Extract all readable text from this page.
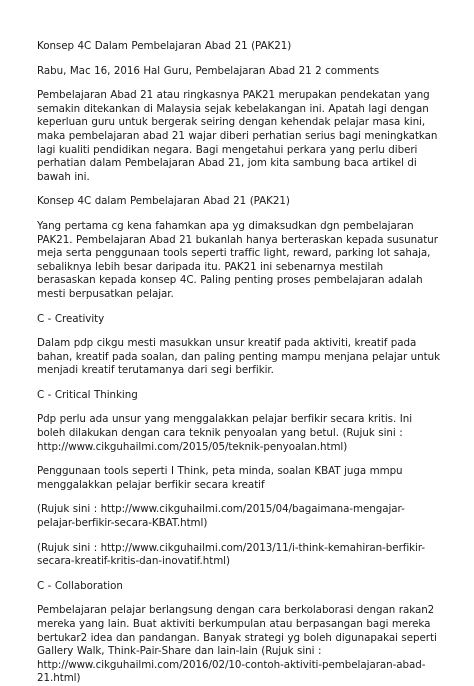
Konsep 4C Dalam Pembelajaran Abad 21 (PAK21)

Rabu, Mac 16, 2016 Hal Guru, Pembelajaran Abad 21 2 comments

Pembelajaran Abad 21 atau ringkasnya PAK21 merupakan pendekatan yang semakin ditekankan di Malaysia sejak kebelakangan ini. Apatah lagi dengan keperluan guru untuk bergerak seiring dengan kehendak pelajar masa kini, maka pembelajaran abad 21 wajar diberi perhatian serius bagi meningkatkan lagi kualiti pendidikan negara. Bagi mengetahui perkara yang perlu diberi perhatian dalam Pembelajaran Abad 21, jom kita sambung baca artikel di bawah ini.

Konsep 4C dalam Pembelajaran Abad 21 (PAK21)

Yang pertama cg kena fahamkan apa yg dimaksudkan dgn pembelajaran PAK21. Pembelajaran Abad 21 bukanlah hanya berteraskan kepada susunatur meja serta penggunaan tools seperti traffic light, reward, parking lot sahaja, sebaliknya lebih besar daripada itu. PAK21 ini sebenarnya mestilah berasaskan kepada konsep 4C. Paling penting proses pembelajaran adalah mesti berpusatkan pelajar.

C - Creativity

Dalam pdp cikgu mesti masukkan unsur kreatif pada aktiviti, kreatif pada bahan, kreatif pada soalan, dan paling penting mampu menjana pelajar untuk menjadi kreatif terutamanya dari segi berfikir.

C - Critical Thinking

Pdp perlu ada unsur yang menggalakkan pelajar berfikir secara kritis. Ini boleh dilakukan dengan cara teknik penyoalan yang betul. (Rujuk sini : http://www.cikguhailmi.com/2015/05/teknik-penyoalan.html)

Penggunaan tools seperti I Think, peta minda, soalan KBAT juga mmpu menggalakkan pelajar berfikir secara kreatif

(Rujuk sini : http://www.cikguhailmi.com/2015/04/bagaimana-mengajar-pelajar-berfikir-secara-KBAT.html)

(Rujuk sini : http://www.cikguhailmi.com/2013/11/i-think-kemahiran-berfikir-secara-kreatif-kritis-dan-inovatif.html)

C - Collaboration

Pembelajaran pelajar berlangsung dengan cara berkolaborasi dengan rakan2 mereka yang lain. Buat aktiviti berkumpulan atau berpasangan bagi mereka bertukar2 idea dan pandangan. Banyak strategi yg boleh digunapakai seperti Gallery Walk, Think-Pair-Share dan lain-lain (Rujuk sini : http://www.cikguhailmi.com/2016/02/10-contoh-aktiviti-pembelajaran-abad-21.html)
